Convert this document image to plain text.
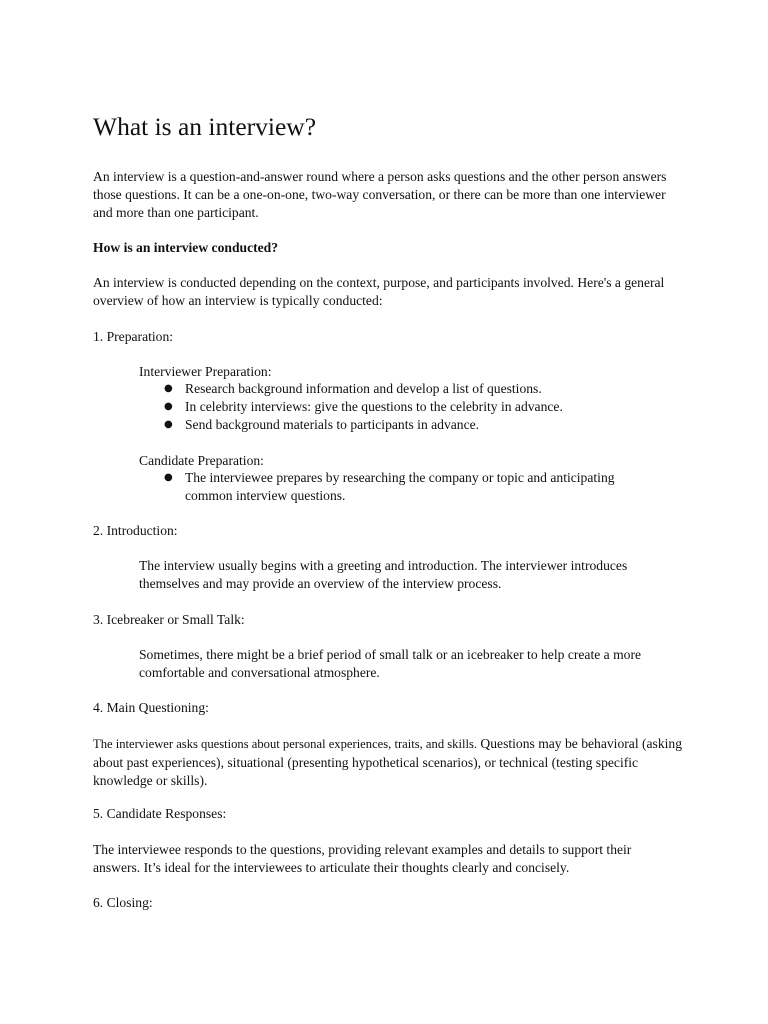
What is an interview?

An interview is a question-and-answer round where a person asks questions and the other person answers those questions. It can be a one-on-one, two-way conversation, or there can be more than one interviewer and more than one participant.

How is an interview conducted?

An interview is conducted depending on the context, purpose, and participants involved. Here's a general overview of how an interview is typically conducted:

1. Preparation:

Interviewer Preparation:

● Research background information and develop a list of questions.
● In celebrity interviews: give the questions to the celebrity in advance.
● Send background materials to participants in advance.

Candidate Preparation:

● The interviewee prepares by researching the company or topic and anticipating common interview questions.

2. Introduction:

The interview usually begins with a greeting and introduction. The interviewer introduces themselves and may provide an overview of the interview process.

3. Icebreaker or Small Talk:

Sometimes, there might be a brief period of small talk or an icebreaker to help create a more comfortable and conversational atmosphere.

4. Main Questioning:

The interviewer asks questions about personal experiences, traits, and skills. Questions may be behavioral (asking about past experiences), situational (presenting hypothetical scenarios), or technical (testing specific knowledge or skills).

5. Candidate Responses:

The interviewee responds to the questions, providing relevant examples and details to support their answers. It’s ideal for the interviewees to articulate their thoughts clearly and concisely.

6. Closing:
